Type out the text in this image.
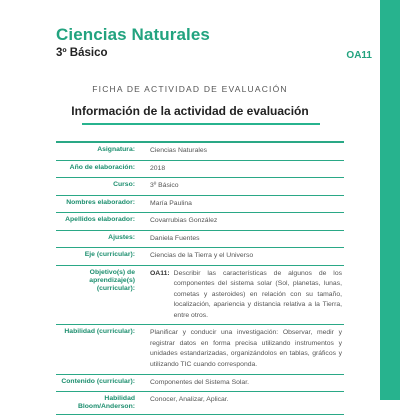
Ciencias Naturales
3º Básico	OA11
FICHA DE ACTIVIDAD DE EVALUACIÓN
Información de la actividad de evaluación
Asignatura:	Ciencias Naturales
Año de elaboración:	2018
Curso:	3º Básico
Nombres elaborador:	María Paulina
Apellidos elaborador:	Covarrubias González
Ajustes:	Daniela Fuentes
Eje (curricular):	Ciencias de la Tierra y el Universo
Objetivo(s) de aprendizaje(s) (curricular):
OA11: Describir las características de algunos de los componentes del sistema solar (Sol, planetas, lunas, cometas y asteroides) en relación con su tamaño, localización, apariencia y distancia relativa a la Tierra, entre otros.
Habilidad (curricular):	Planificar y conducir una investigación: Observar, medir y registrar datos en forma precisa utilizando instrumentos y unidades estandarizadas, organizándolos en tablas, gráficos y utilizando TIC cuando corresponda.
Contenido (curricular):	Componentes del Sistema Solar.
Habilidad Bloom/Anderson:
Conocer, Analizar, Aplicar.
